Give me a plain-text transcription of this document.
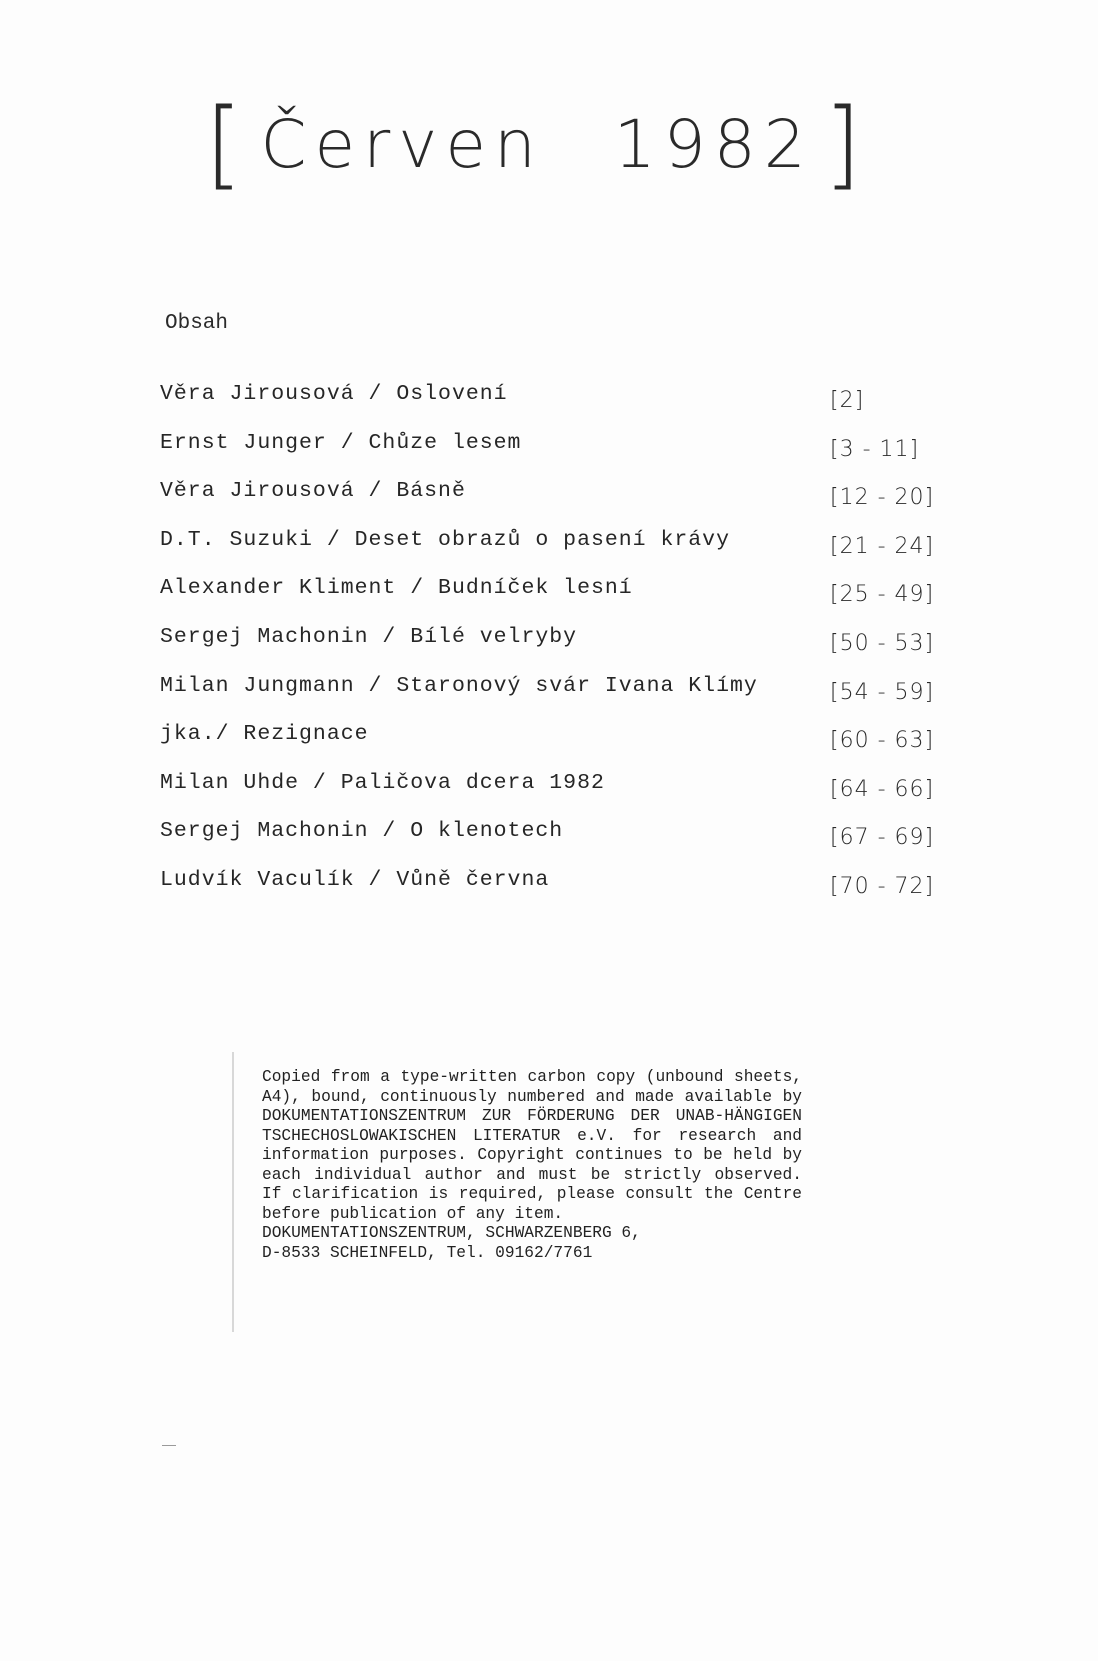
[ Červen 1982 ]
Obsah
Věra Jirousová / Oslovení	[2]
Ernst Junger / Chůze lesem	[3 - 11]
Věra Jirousová / Básně	[12 - 20]
D.T. Suzuki / Deset obrazů o pasení krávy	[21 - 24]
Alexander Kliment / Budníček lesní	[25 - 49]
Sergej Machonin / Bílé velryby	[50 - 53]
Milan Jungmann / Staronový svár Ivana Klímy	[54 - 59]
jka./ Rezignace	[60 - 63]
Milan Uhde / Paličova dcera 1982	[64 - 66]
Sergej Machonin / O klenotech	[67 - 69]
Ludvík Vaculík / Vůně června	[70 - 72]
Copied from a type-written carbon copy (unbound sheets, A4), bound, continuously numbered and made available by DOKUMENTATIONSZENTRUM ZUR FÖRDERUNG DER UNAB-HÄNGIGEN TSCHECHOSLOWAKISCHEN LITERATUR e.V. for research and information purposes. Copyright continues to be held by each individual author and must be strictly observed. If clarification is required, please consult the Centre before publication of any item.
DOKUMENTATIONSZENTRUM, SCHWARZENBERG 6,
D-8533 SCHEINFELD, Tel. 09162/7761
